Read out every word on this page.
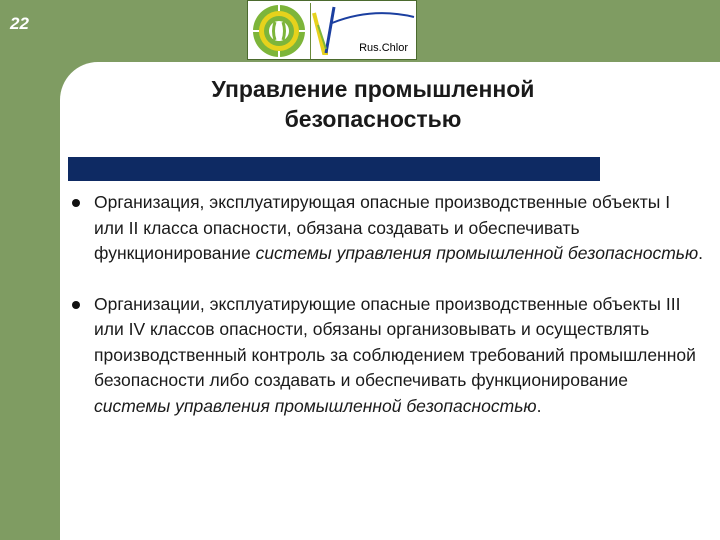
22
Rus.Chlor
Управление промышленной безопасностью
Организация, эксплуатирующая опасные производственные объекты I или II класса опасности, обязана создавать и обеспечивать функционирование системы управления промышленной безопасностью.
Организации, эксплуатирующие опасные производственные объекты III или IV классов опасности, обязаны организовывать и осуществлять производственный контроль за соблюдением требований промышленной безопасности либо создавать и обеспечивать функционирование системы управления промышленной безопасностью.
